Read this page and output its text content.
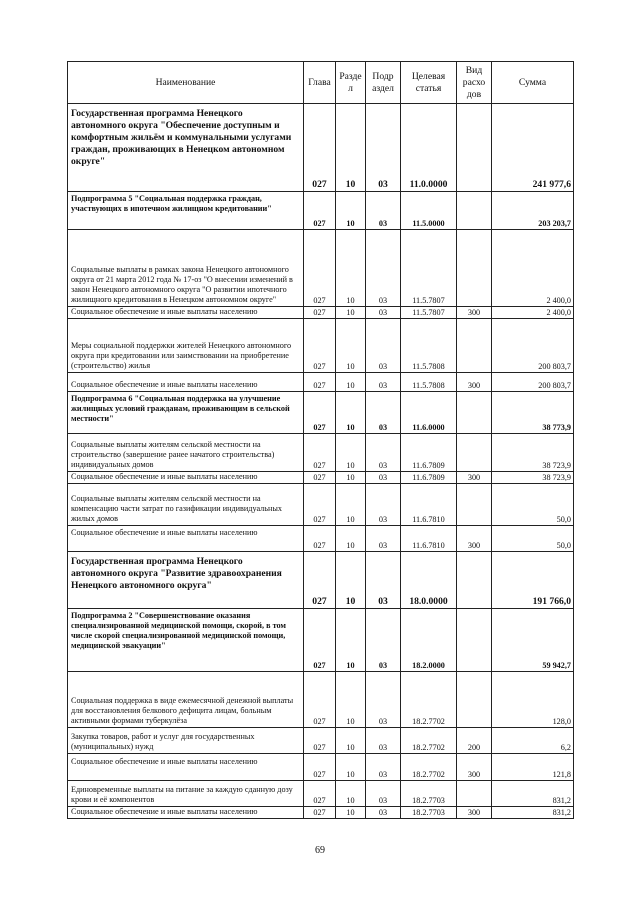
Наименование	Глава	Разде л	Подр аздел	Целевая статья	Вид расхо дов	Сумма
Государственная программа Ненецкого автономного округа "Обеспечение доступным и комфортным жильём и коммунальными услугами граждан, проживающих в Ненецком автономном округе"	027	10	03	11.0.0000		241 977,6
Подпрограмма 5 "Социальная поддержка граждан, участвующих в ипотечном жилищном кредитовании"	027	10	03	11.5.0000		203 203,7
Социальные выплаты в рамках закона Ненецкого автономного округа от 21 марта 2012 года № 17-оз "О внесении изменений в закон Ненецкого автономного округа "О развитии ипотечного жилищного кредитования в Ненецком автономном округе"	027	10	03	11.5.7807		2 400,0
Социальное обеспечение и иные выплаты населению	027	10	03	11.5.7807	300	2 400,0
Меры социальной поддержки жителей Ненецкого автономного округа при кредитовании или заимствовании на приобретение (строительство) жилья	027	10	03	11.5.7808		200 803,7
Социальное обеспечение и иные выплаты населению	027	10	03	11.5.7808	300	200 803,7
Подпрограмма 6 "Социальная поддержка на улучшение жилищных условий гражданам, проживающим в сельской местности"	027	10	03	11.6.0000		38 773,9
Социальные выплаты жителям сельской местности на строительство (завершение ранее начатого строительства) индивидуальных домов	027	10	03	11.6.7809		38 723,9
Социальное обеспечение и иные выплаты населению	027	10	03	11.6.7809	300	38 723,9
Социальные выплаты жителям сельской местности на компенсацию части затрат по газификации индивидуальных жилых домов	027	10	03	11.6.7810		50,0
Социальное обеспечение и иные выплаты населению	027	10	03	11.6.7810	300	50,0
Государственная программа Ненецкого автономного округа "Развитие здравоохранения Ненецкого автономного округа"	027	10	03	18.0.0000		191 766,0
Подпрограмма 2 "Совершенствование оказания специализированной медицинской помощи, скорой, в том числе скорой специализированной медицинской помощи, медицинской эвакуации"	027	10	03	18.2.0000		59 942,7
Социальная поддержка в виде ежемесячной денежной выплаты для восстановления белкового дефицита лицам, больным активными формами туберкулёза	027	10	03	18.2.7702		128,0
Закупка товаров, работ и услуг для государственных (муниципальных) нужд	027	10	03	18.2.7702	200	6,2
Социальное обеспечение и иные выплаты населению	027	10	03	18.2.7702	300	121,8
Единовременные выплаты на питание за каждую сданную дозу крови и её компонентов	027	10	03	18.2.7703		831,2
Социальное обеспечение и иные выплаты населению	027	10	03	18.2.7703	300	831,2
69
